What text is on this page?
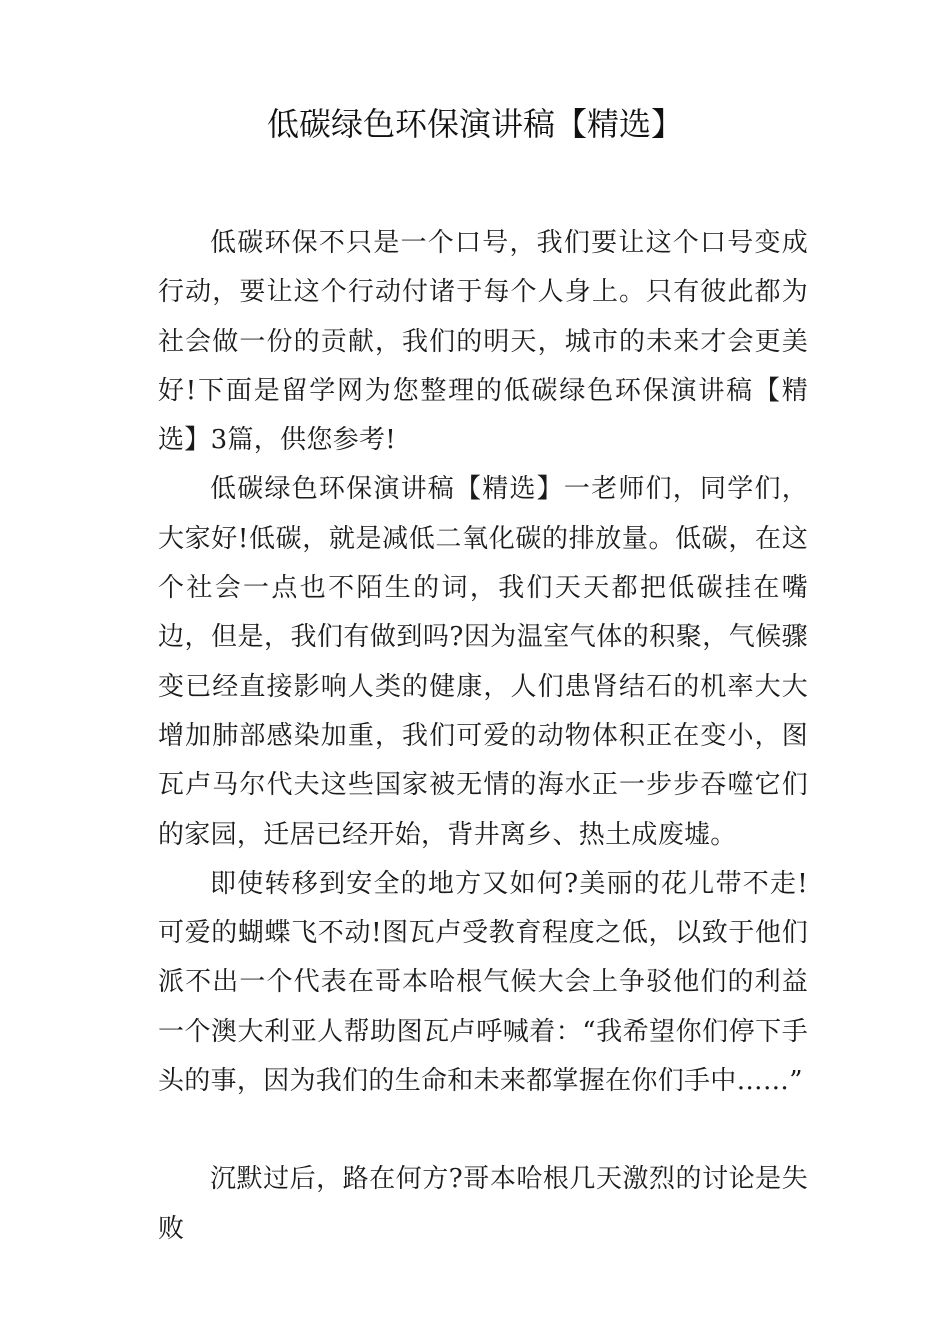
低碳绿色环保演讲稿【精选】

低碳环保不只是一个口号，我们要让这个口号变成行动，要让这个行动付诸于每个人身上。只有彼此都为社会做一份的贡献，我们的明天，城市的未来才会更美好!下面是留学网为您整理的低碳绿色环保演讲稿【精选】3篇，供您参考!

低碳绿色环保演讲稿【精选】一老师们，同学们，大家好!低碳，就是减低二氧化碳的排放量。低碳，在这个社会一点也不陌生的词，我们天天都把低碳挂在嘴边，但是，我们有做到吗?因为温室气体的积聚，气候骤变已经直接影响人类的健康，人们患肾结石的机率大大增加肺部感染加重，我们可爱的动物体积正在变小，图瓦卢马尔代夫这些国家被无情的海水正一步步吞噬它们的家园，迁居已经开始，背井离乡、热土成废墟。

即使转移到安全的地方又如何?美丽的花儿带不走!可爱的蝴蝶飞不动!图瓦卢受教育程度之低，以致于他们派不出一个代表在哥本哈根气候大会上争驳他们的利益一个澳大利亚人帮助图瓦卢呼喊着：“我希望你们停下手头的事，因为我们的生命和未来都掌握在你们手中……”

沉默过后，路在何方?哥本哈根几天激烈的讨论是失败
